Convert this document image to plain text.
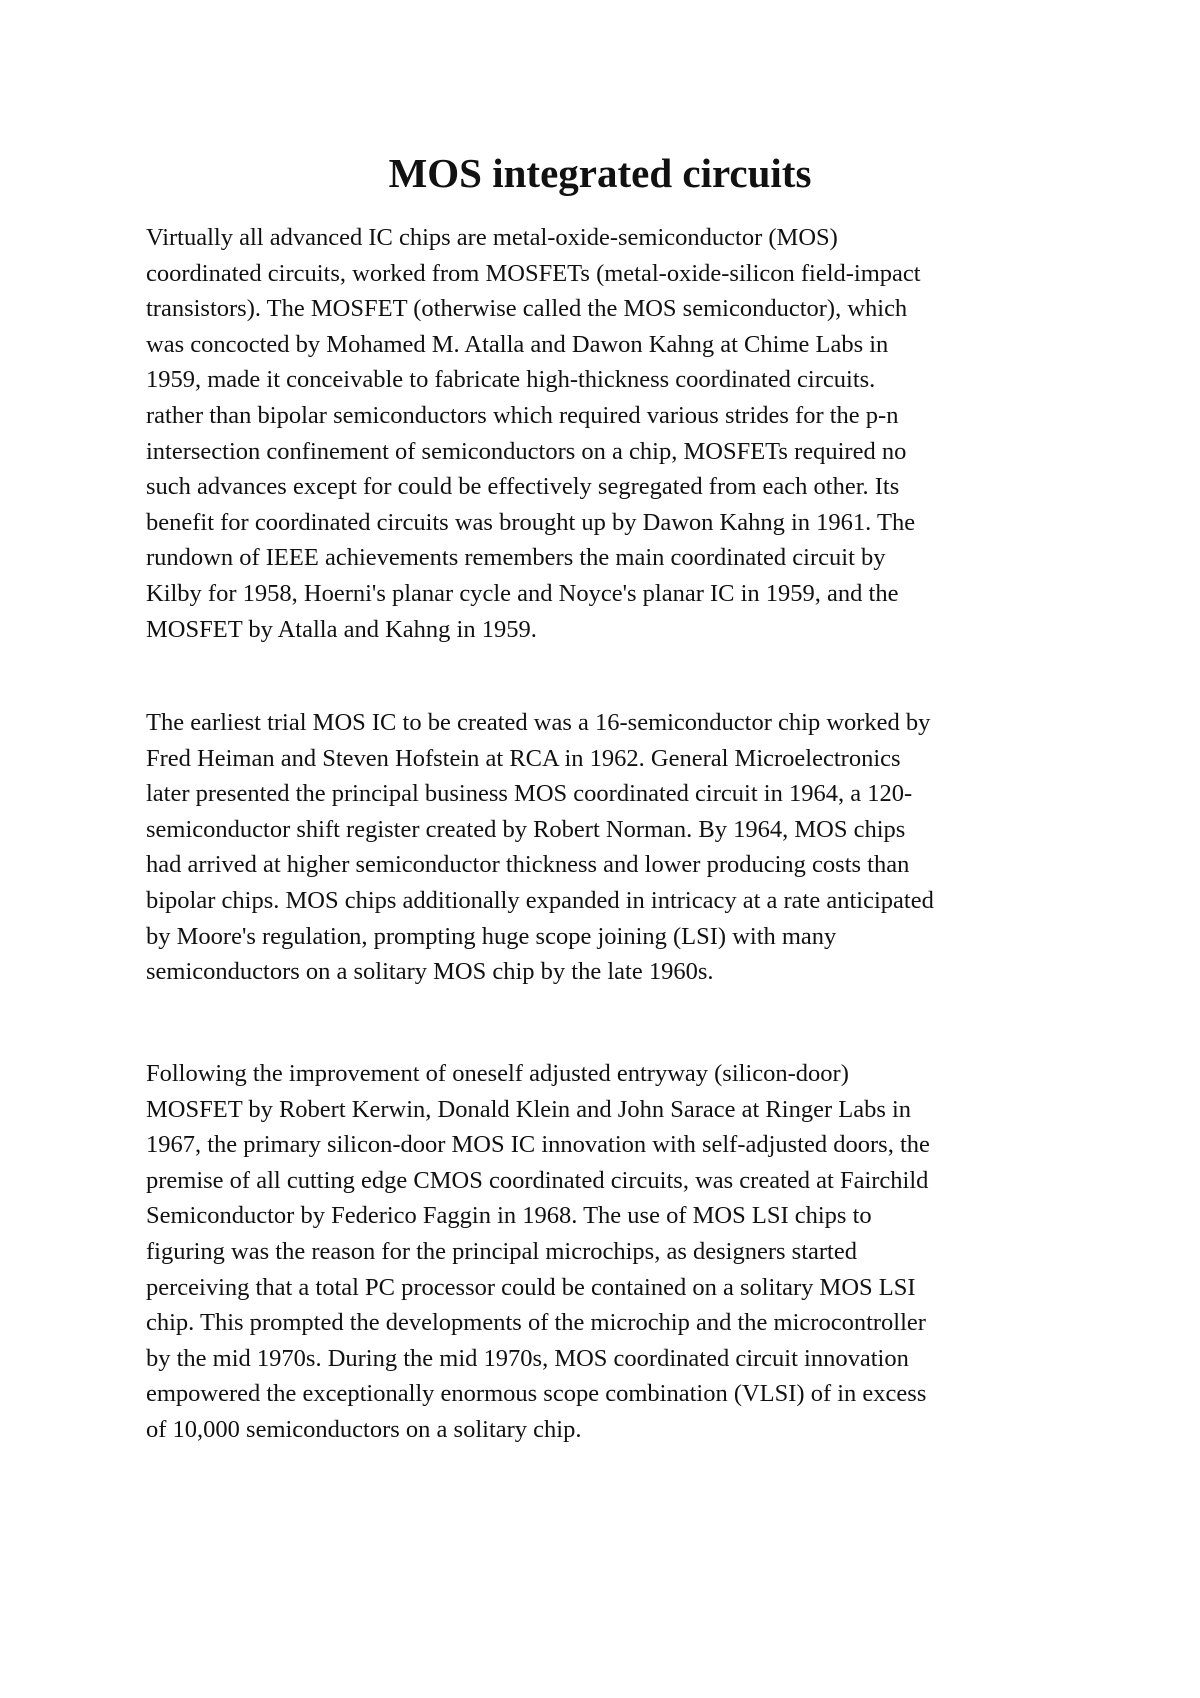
MOS integrated circuits

Virtually all advanced IC chips are metal-oxide-semiconductor (MOS)
coordinated circuits, worked from MOSFETs (metal-oxide-silicon field-impact
transistors). The MOSFET (otherwise called the MOS semiconductor), which
was concocted by Mohamed M. Atalla and Dawon Kahng at Chime Labs in
1959, made it conceivable to fabricate high-thickness coordinated circuits.
rather than bipolar semiconductors which required various strides for the p-n
intersection confinement of semiconductors on a chip, MOSFETs required no
such advances except for could be effectively segregated from each other. Its
benefit for coordinated circuits was brought up by Dawon Kahng in 1961. The
rundown of IEEE achievements remembers the main coordinated circuit by
Kilby for 1958, Hoerni's planar cycle and Noyce's planar IC in 1959, and the
MOSFET by Atalla and Kahng in 1959.

The earliest trial MOS IC to be created was a 16-semiconductor chip worked by
Fred Heiman and Steven Hofstein at RCA in 1962. General Microelectronics
later presented the principal business MOS coordinated circuit in 1964, a 120-
semiconductor shift register created by Robert Norman. By 1964, MOS chips
had arrived at higher semiconductor thickness and lower producing costs than
bipolar chips. MOS chips additionally expanded in intricacy at a rate anticipated
by Moore's regulation, prompting huge scope joining (LSI) with many
semiconductors on a solitary MOS chip by the late 1960s.

Following the improvement of oneself adjusted entryway (silicon-door)
MOSFET by Robert Kerwin, Donald Klein and John Sarace at Ringer Labs in
1967, the primary silicon-door MOS IC innovation with self-adjusted doors, the
premise of all cutting edge CMOS coordinated circuits, was created at Fairchild
Semiconductor by Federico Faggin in 1968. The use of MOS LSI chips to
figuring was the reason for the principal microchips, as designers started
perceiving that a total PC processor could be contained on a solitary MOS LSI
chip. This prompted the developments of the microchip and the microcontroller
by the mid 1970s. During the mid 1970s, MOS coordinated circuit innovation
empowered the exceptionally enormous scope combination (VLSI) of in excess
of 10,000 semiconductors on a solitary chip.
